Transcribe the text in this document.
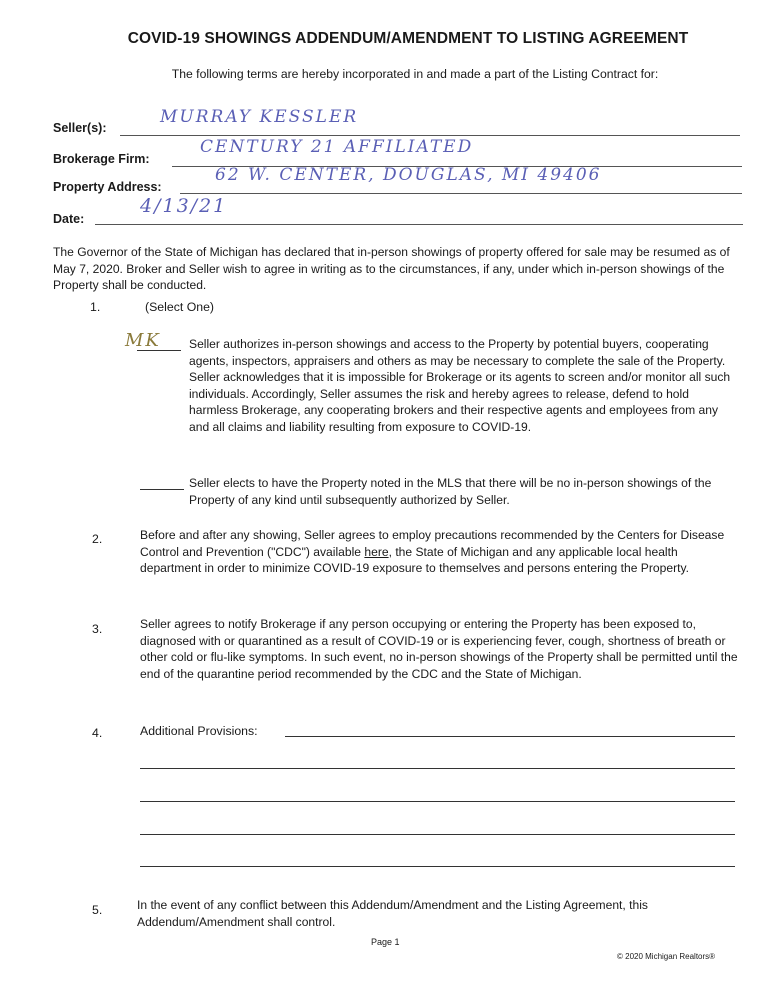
COVID-19 SHOWINGS ADDENDUM/AMENDMENT TO LISTING AGREEMENT
The following terms are hereby incorporated in and made a part of the Listing Contract for:
Seller(s):
MURRAY KESSLER
Brokerage Firm:
CENTURY 21 AFFILIATED
Property Address:
62 W. CENTER, DOUGLAS, MI 49406
Date:
4/13/21
The Governor of the State of Michigan has declared that in-person showings of property offered for sale may be resumed as of May 7, 2020. Broker and Seller wish to agree in writing as to the circumstances, if any, under which in-person showings of the Property shall be conducted.
1.	(Select One)
MK Seller authorizes in-person showings and access to the Property by potential buyers, cooperating agents, inspectors, appraisers and others as may be necessary to complete the sale of the Property. Seller acknowledges that it is impossible for Brokerage or its agents to screen and/or monitor all such individuals. Accordingly, Seller assumes the risk and hereby agrees to release, defend to hold harmless Brokerage, any cooperating brokers and their respective agents and employees from any and all claims and liability resulting from exposure to COVID-19.
Seller elects to have the Property noted in the MLS that there will be no in-person showings of the Property of any kind until subsequently authorized by Seller.
2.	Before and after any showing, Seller agrees to employ precautions recommended by the Centers for Disease Control and Prevention ("CDC") available here, the State of Michigan and any applicable local health department in order to minimize COVID-19 exposure to themselves and persons entering the Property.
3.	Seller agrees to notify Brokerage if any person occupying or entering the Property has been exposed to, diagnosed with or quarantined as a result of COVID-19 or is experiencing fever, cough, shortness of breath or other cold or flu-like symptoms. In such event, no in-person showings of the Property shall be permitted until the end of the quarantine period recommended by the CDC and the State of Michigan.
4.	Additional Provisions:
5.	In the event of any conflict between this Addendum/Amendment and the Listing Agreement, this Addendum/Amendment shall control.
Page 1
© 2020 Michigan Realtors®
